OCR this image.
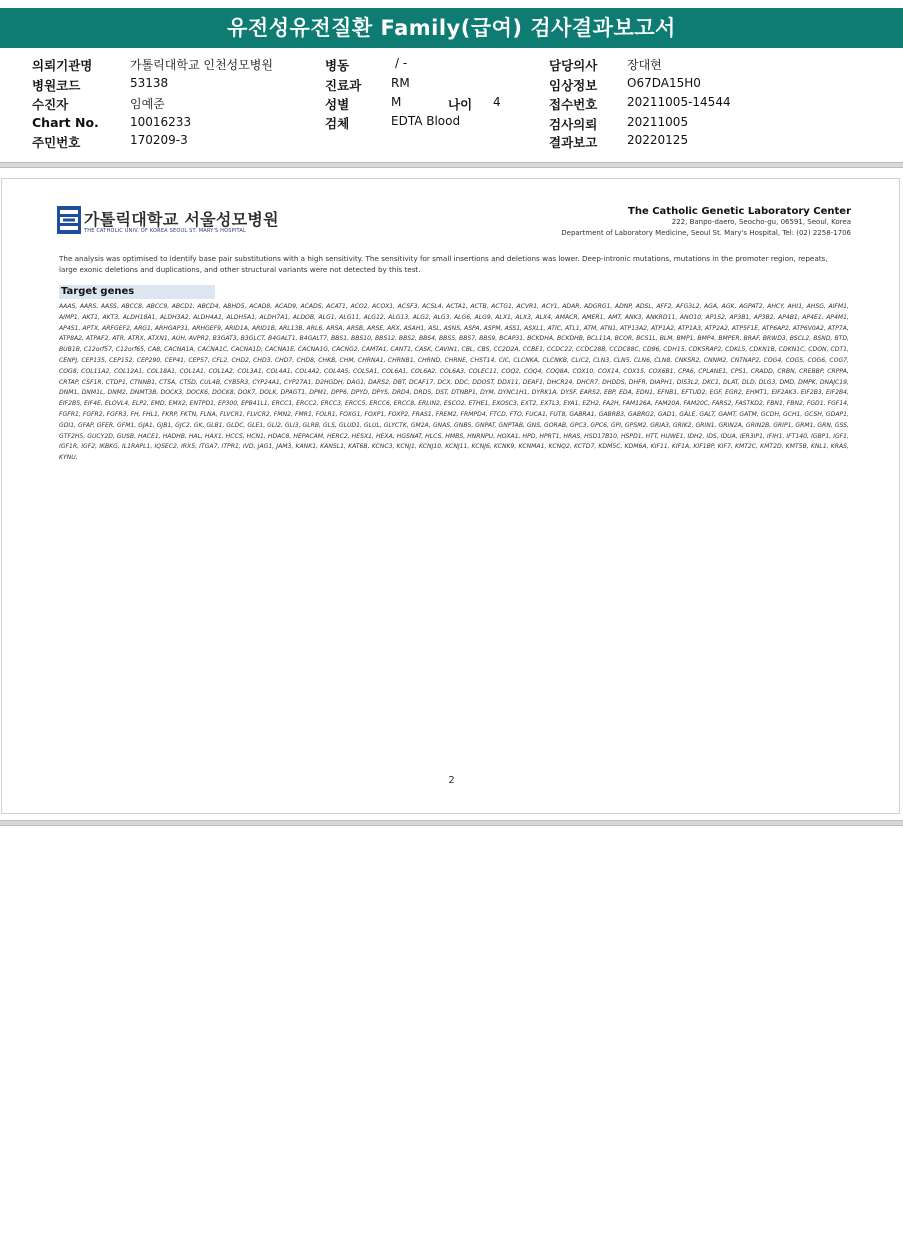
유전성유전질환 Family(급여) 검사결과보고서
의뢰기관명	가톨릭대학교 인천성모병원
병원코드	53138
수진자	임예준
Chart No.	10016233
주민번호	170209-3
병동	/ -
진료과 RM
성별	M	나이 4
검체	EDTA Blood
담당의사 장대현
임상정보 O67DA15H0
접수번호 20211005-14544
검사의뢰 20211005
결과보고 20220125
가톨릭대학교 서울성모병원
THE CATHOLIC UNIV. OF KOREA SEOUL ST. MARY'S HOSPITAL
The Catholic Genetic Laboratory Center
222, Banpo-daero, Seocho-gu, 06591, Seoul, Korea
Department of Laboratory Medicine, Seoul St. Mary's Hospital, Tel: (02) 2258-1706
The analysis was optimised to identify base pair substitutions with a high sensitivity. The sensitivity for small insertions and deletions was lower. Deep-intronic mutations, mutations in the promoter region, repeats, large exonic deletions and duplications, and other structural variants were not detected by this test.
Target genes
AAAS, AARS, AASS, ABCC8, ABCC9, ABCD1, ABCD4, ABHD5, ACAD8, ACAD9, ACADS, ACAT1, ACO2, ACOX1, ACSF3, ACSL4, ACTA1, ACTB, ACTG1, ACVR1, ACY1, ADAR, ADGRG1, ADNP, ADSL, AFF2, AFG3L2, AGA, AGK, AGPAT2, AHCY, AHI1, AHSG, AIFM1, AIMP1, AKT1, AKT3, ALDH18A1, ALDH3A2, ALDH4A1, ALDH5A1, ALDH7A1, ALDOB, ALG1, ALG11, ALG12, ALG13, ALG2, ALG3, ALG6, ALG9, ALX1, ALX3, ALX4, AMACR, AMER1, AMT, ANK3, ANKRD11, ANO10, AP1S2, AP3B1, AP3B2, AP4B1, AP4E1, AP4M1, AP4S1, APTX, ARFGEF2, ARG1, ARHGAP31, ARHGEF9, ARID1A, ARID1B, ARL13B, ARL6, ARSA, ARSB, ARSE, ARX, ASAH1, ASL, ASNS, ASPA, ASPM, ASS1, ASXL1, ATIC, ATL1, ATM, ATN1, ATP13A2, ATP1A2, ATP1A3, ATP2A2, ATP5F1E, ATP6AP2, ATP6V0A2, ATP7A, ATP8A2, ATPAF2, ATR, ATRX, ATXN1, AUH, AVPR2, B3GAT3, B3GLCT, B4GALT1, B4GALT7, BBS1, BBS10, BBS12, BBS2, BBS4, BBS5, BBS7, BBS9, BCAP31, BCKDHA, BCKDHB, BCL11A, BCOR, BCS1L, BLM, BMP1, BMP4, BMPER, BRAF, BRWD3, BSCL2, BSND, BTD, BUB1B, C12orf57, C12orf65, CA8, CACNA1A, CACNA1C, CACNA1D, CACNA1E, CACNA1G, CACNG2, CAMTA1, CANT1, CASK, CAVIN1, CBL, CBS, CC2D2A, CCBE1, CCDC22, CCDC28B, CCDC88C, CD96, CDH15, CDK5RAP2, CDKL5, CDKN1B, CDKN1C, CDON, CDT1, CENPJ, CEP135, CEP152, CEP290, CEP41, CEP57, CFL2, CHD2, CHD3, CHD7, CHD8, CHKB, CHM, CHRNA1, CHRNB1, CHRND, CHRNE, CHST14, CIC, CLCNKA, CLCNKB, CLIC2, CLN3, CLN5, CLN6, CLN8, CNKSR2, CNNM2, CNTNAP2, COG4, COG5, COG6, COG7, COG8, COL11A2, COL12A1, COL18A1, COL1A1, COL1A2, COL3A1, COL4A1, COL4A2, COL4A5, COL5A1, COL6A1, COL6A2, COL6A3, COLEC11, COQ2, COQ4, COQ8A, COX10, COX14, COX15, COX6B1, CPA6, CPLANE1, CPS1, CRADD, CRBN, CREBBP, CRPPA, CRTAP, CSF1R, CTDP1, CTNNB1, CTSA, CTSD, CUL4B, CYB5R3, CYP24A1, CYP27A1, D2HGDH, DAG1, DARS2, DBT, DCAF17, DCX, DDC, DDOST, DDX11, DEAF1, DHCR24, DHCR7, DHDDS, DHFR, DIAPH1, DIS3L2, DKC1, DLAT, DLD, DLG3, DMD, DMPK, DNAJC19, DNM1, DNM1L, DNM2, DNMT3B, DOCK3, DOCK6, DOCK8, DOK7, DOLK, DPAGT1, DPM1, DPP6, DPYD, DPYS, DRD4, DRD5, DST, DTNBP1, DYM, DYNC1H1, DYRK1A, DYSF, EARS2, EBP, EDA, EDN1, EFNB1, EFTUD2, EGF, EGR2, EHMT1, EIF2AK3, EIF2B3, EIF2B4, EIF2B5, EIF4E, ELOVL4, ELP2, EMD, EMX2, ENTPD1, EP300, EPB41L1, ERCC1, ERCC2, ERCC3, ERCC5, ERCC6, ERCC8, ERLIN2, ESCO2, ETHE1, EXOSC3, EXT2, EXTL3, EYA1, EZH2, FA2H, FAM126A, FAM20A, FAM20C, FARS2, FASTKD2, FBN1, FBN2, FGD1, FGF14, FGFR1, FGFR2, FGFR3, FH, FHL1, FKRP, FKTN, FLNA, FLVCR1, FLVCR2, FMN2, FMR1, FOLR1, FOXG1, FOXP1, FOXP2, FRAS1, FREM2, FRMPD4, FTCD, FTO, FUCA1, FUT8, GABRA1, GABRB3, GABRG2, GAD1, GALE, GALT, GAMT, GATM, GCDH, GCH1, GCSH, GDAP1, GDI1, GFAP, GFER, GFM1, GJA1, GJB1, GJC2, GK, GLB1, GLDC, GLE1, GLI2, GLI3, GLRB, GLS, GLUD1, GLUL, GLYCTK, GM2A, GNAS, GNB5, GNPAT, GNPTAB, GNS, GORAB, GPC3, GPC6, GPI, GPSM2, GRIA3, GRIK2, GRIN1, GRIN2A, GRIN2B, GRIP1, GRM1, GRN, GSS, GTF2H5, GUCY2D, GUSB, HACE1, HADHB, HAL, HAX1, HCCS, HCN1, HDAC8, HEPACAM, HERC2, HESX1, HEXA, HGSNAT, HLCS, HMBS, HNRNPU, HOXA1, HPD, HPRT1, HRAS, HSD17B10, HSPD1, HTT, HUWE1, IDH2, IDS, IDUA, IER3IP1, IFIH1, IFT140, IGBP1, IGF1, IGF1R, IGF2, IKBKG, IL1RAPL1, IQSEC2, IRX5, ITGA7, ITPR1, IVD, JAG1, JAM3, KANK1, KANSL1, KAT6B, KCNC3, KCNJ1, KCNJ10, KCNJ11, KCNJ6, KCNK9, KCNMA1, KCNQ2, KCTD7, KDM5C, KDM6A, KIF11, KIF1A, KIF1BP, KIF7, KMT2C, KMT2D, KMT5B, KNL1, KRAS, KYNU,
2
